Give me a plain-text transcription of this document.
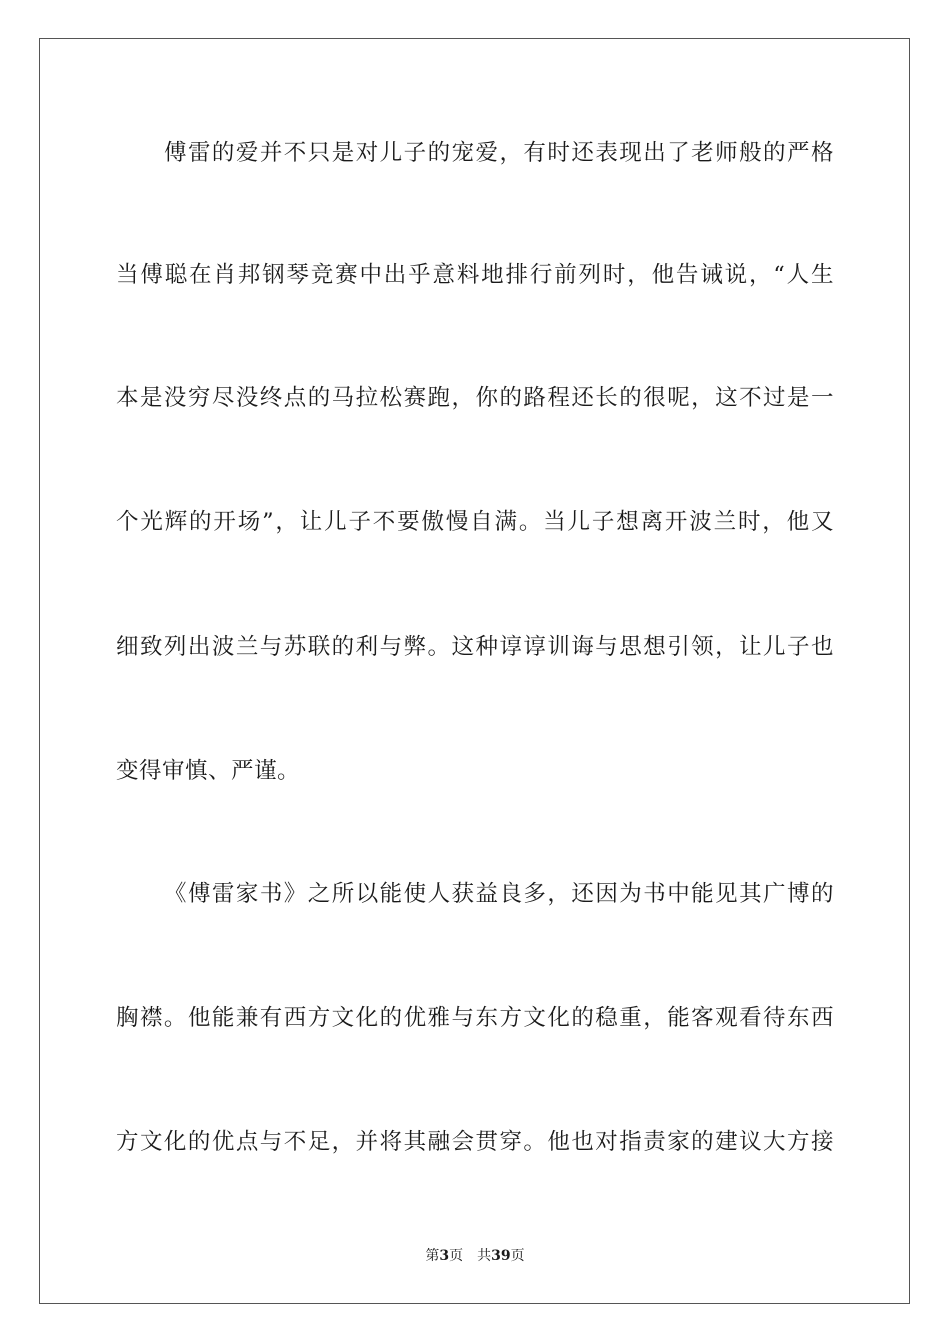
傅雷的爱并不只是对儿子的宠爱，有时还表现出了老师般的严格
当傅聪在肖邦钢琴竞赛中出乎意料地排行前列时，他告诫说，“人生
本是没穷尽没终点的马拉松赛跑，你的路程还长的很呢，这不过是一
个光辉的开场”，让儿子不要傲慢自满。当儿子想离开波兰时，他又
细致列出波兰与苏联的利与弊。这种谆谆训诲与思想引领，让儿子也
变得审慎、严谨。
《傅雷家书》之所以能使人获益良多，还因为书中能见其广博的
胸襟。他能兼有西方文化的优雅与东方文化的稳重，能客观看待东西
方文化的优点与不足，并将其融会贯穿。他也对指责家的建议大方接
第3页 共39页
